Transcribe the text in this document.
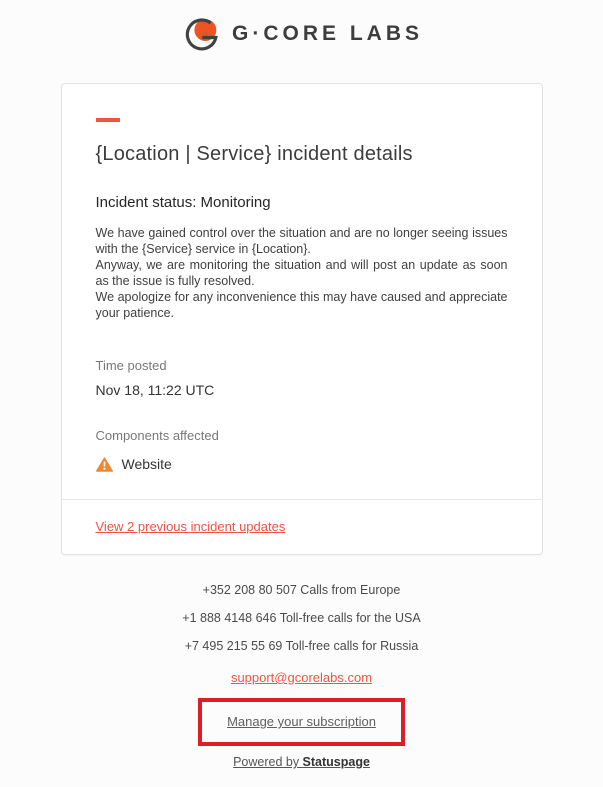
G·CORE LABS
{Location | Service} incident details
Incident status: Monitoring
We have gained control over the situation and are no longer seeing issues with the {Service} service in {Location}.
Anyway, we are monitoring the situation and will post an update as soon as the issue is fully resolved.
We apologize for any inconvenience this may have caused and appreciate your patience.
Time posted
Nov 18, 11:22 UTC
Components affected
Website
View 2 previous incident updates
+352 208 80 507 Calls from Europe
+1 888 4148 646 Toll-free calls for the USA
+7 495 215 55 69 Toll-free calls for Russia
support@gcorelabs.com
Manage your subscription
Powered by Statuspage
